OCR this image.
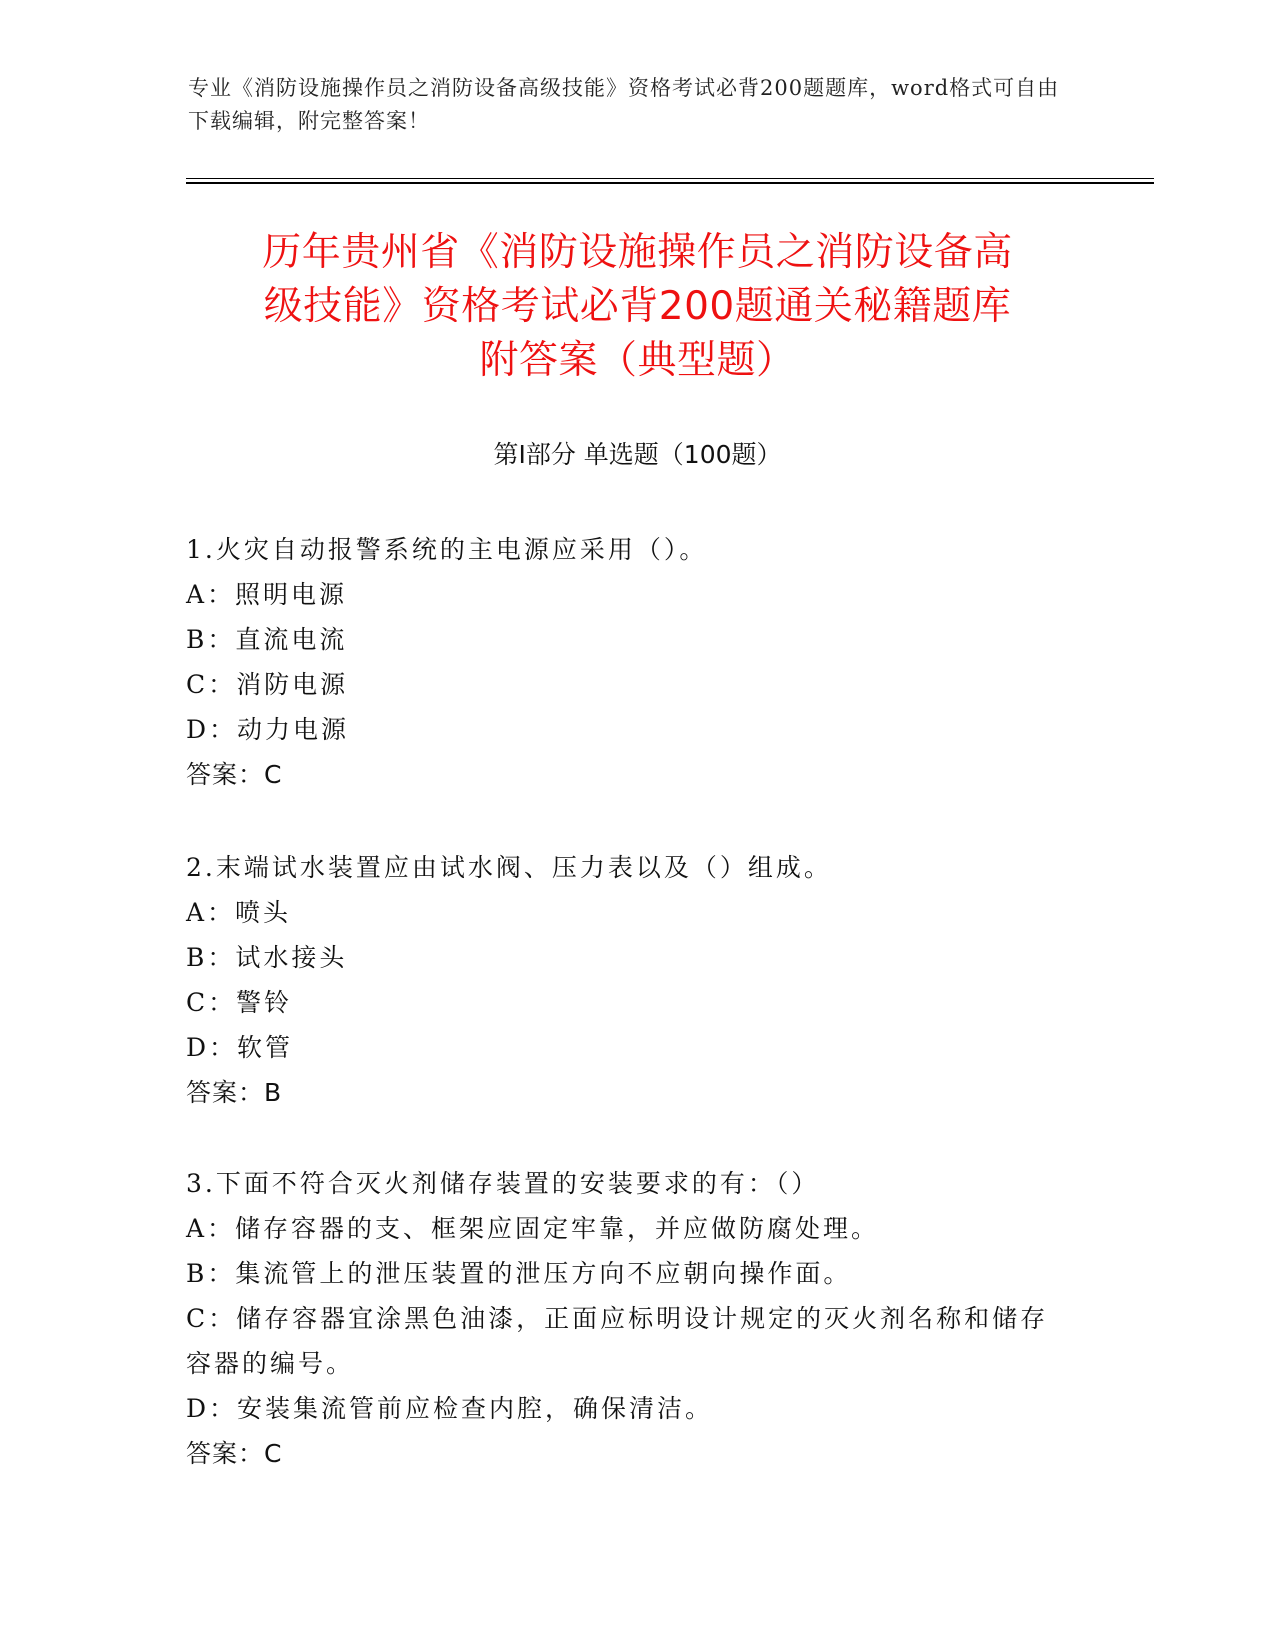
专业《消防设施操作员之消防设备高级技能》资格考试必背200题题库，word格式可自由下载编辑，附完整答案！
历年贵州省《消防设施操作员之消防设备高
级技能》资格考试必背200题通关秘籍题库
附答案（典型题）
第I部分 单选题（100题）
1.火灾自动报警系统的主电源应采用（）。
A：照明电源
B：直流电流
C：消防电源
D：动力电源
答案：C
2.末端试水装置应由试水阀、压力表以及（）组成。
A：喷头
B：试水接头
C：警铃
D：软管
答案：B
3.下面不符合灭火剂储存装置的安装要求的有：（）
A：储存容器的支、框架应固定牢靠，并应做防腐处理。
B：集流管上的泄压装置的泄压方向不应朝向操作面。
C：储存容器宜涂黑色油漆，正面应标明设计规定的灭火剂名称和储存容器的编号。
D：安装集流管前应检查内腔，确保清洁。
答案：C
